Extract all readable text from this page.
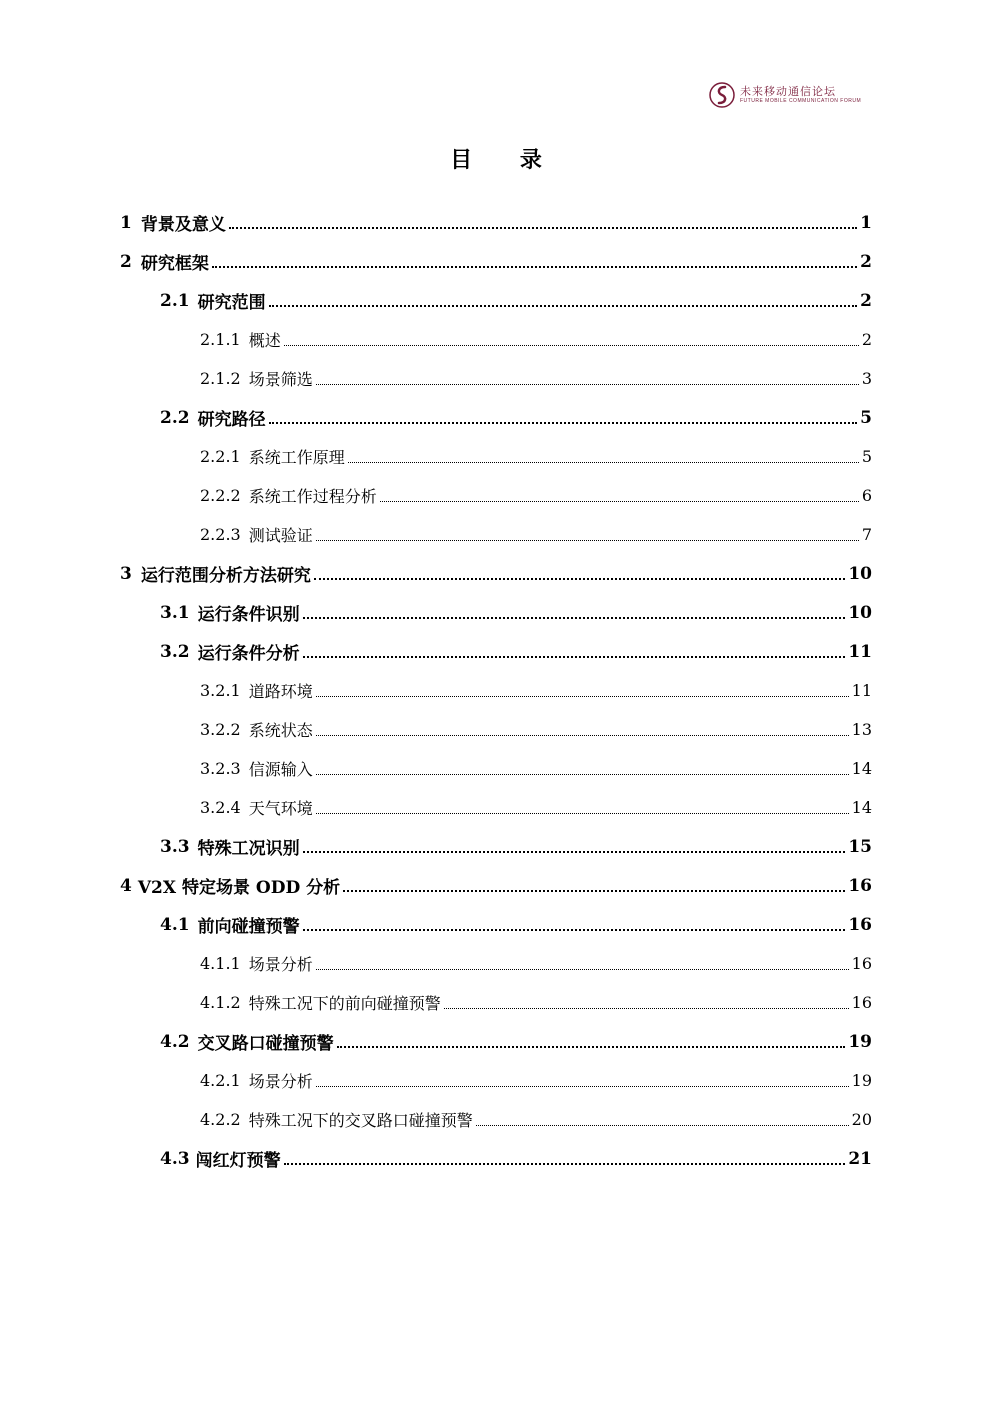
未来移动通信论坛
FUTURE MOBILE COMMUNICATION FORUM
目 录
1 背景及意义	1
2 研究框架	2
2.1 研究范围	2
2.1.1 概述	2
2.1.2 场景筛选	3
2.2 研究路径	5
2.2.1 系统工作原理	5
2.2.2 系统工作过程分析	6
2.2.3 测试验证	7
3 运行范围分析方法研究	10
3.1 运行条件识别	10
3.2 运行条件分析	11
3.2.1 道路环境	11
3.2.2 系统状态	13
3.2.3 信源输入	14
3.2.4 天气环境	14
3.3 特殊工况识别	15
4 V2X 特定场景 ODD 分析	16
4.1 前向碰撞预警	16
4.1.1 场景分析	16
4.1.2 特殊工况下的前向碰撞预警	16
4.2 交叉路口碰撞预警	19
4.2.1 场景分析	19
4.2.2 特殊工况下的交叉路口碰撞预警	20
4.3 闯红灯预警	21
